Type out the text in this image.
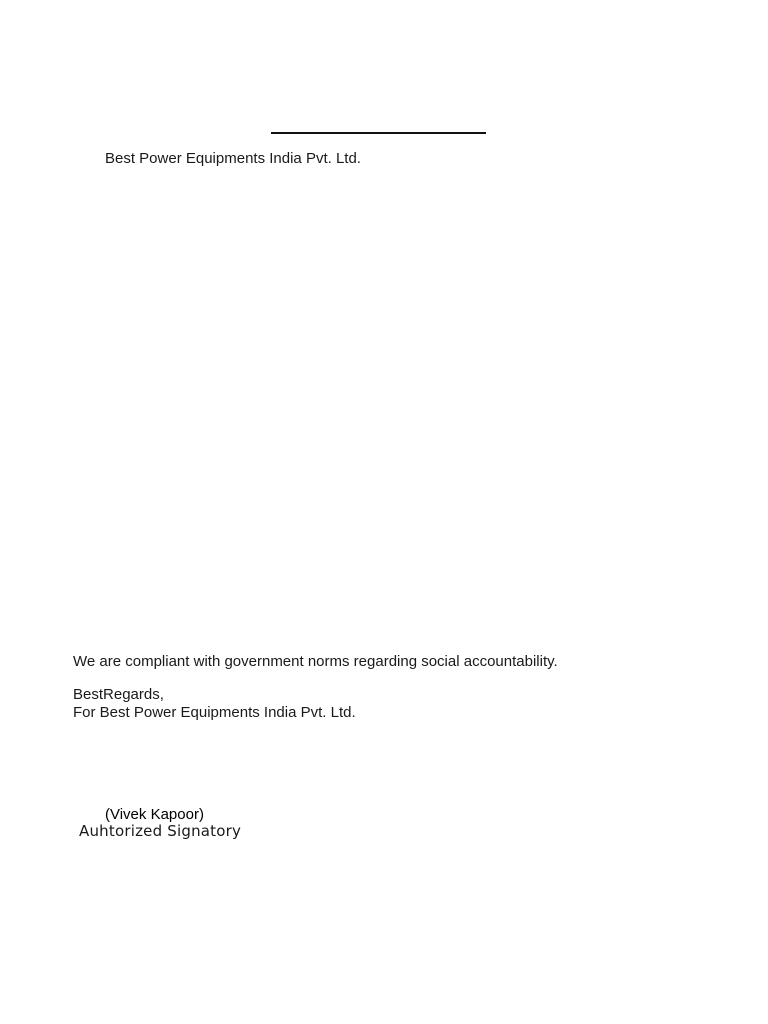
Best Power Equipments India Pvt. Ltd.
We are compliant with government norms regarding social accountability.
BestRegards,
For Best Power Equipments India Pvt. Ltd.
(Vivek Kapoor)
Auhtorized Signatory
